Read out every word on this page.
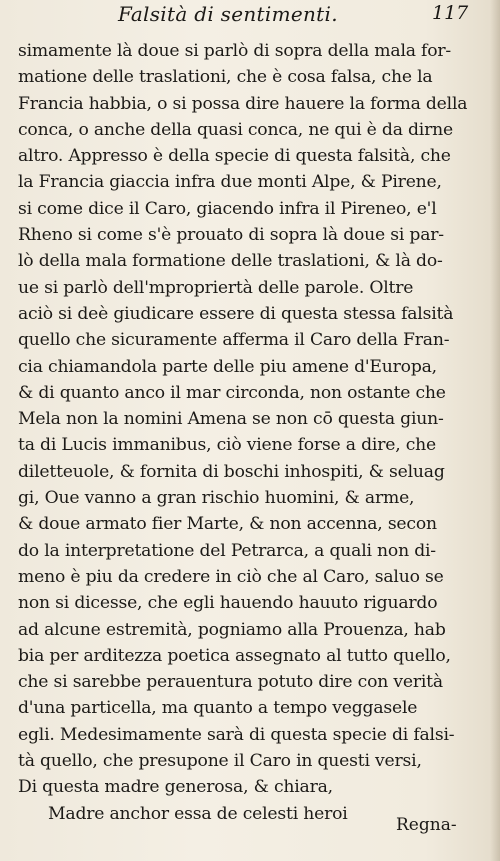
Falsità di sentimenti.	117
simamente là doue si parlò di sopra della mala for-
matione delle traslationi, che è cosa falsa, che la
Francia habbia, o si possa dire hauere la forma della
conca, o anche della quasi conca, ne qui è da dirne
altro. Appresso è della specie di questa falsità, che
la Francia giaccia infra due monti Alpe, & Pirene,
si come dice il Caro, giacendo infra il Pireneo, e'l
Rheno si come s'è prouato di sopra là doue si par-
lò della mala formatione delle traslationi, & là do-
ue si parlò dell'mpropriertà delle parole. Oltre
aciò si deè giudicare essere di questa stessa falsità
quello che sicuramente afferma il Caro della Fran-
cia chiamandola parte delle piu amene d'Europa,
& di quanto anco il mar circonda, non ostante che
Mela non la nomini Amena se non cō questa giun-
ta di Lucis immanibus, ciò viene forse a dire, che
diletteuole, & fornita di boschi inhospiti, & seluag
gi, Oue vanno a gran rischio huomini, & arme,
& doue armato fier Marte, & non accenna, secon
do la interpretatione del Petrarca, a quali non di-
meno è piu da credere in ciò che al Caro, saluo se
non si dicesse, che egli hauendo hauuto riguardo
ad alcune estremità, pogniamo alla Prouenza, hab
bia per arditezza poetica assegnato al tutto quello,
che si sarebbe perauentura potuto dire con verità
d'una particella, ma quanto a tempo veggasele
egli. Medesimamente sarà di questa specie di falsi-
tà quello, che presupone il Caro in questi versi,
Di questa madre generosa, & chiara,
Madre anchor essa de celesti heroi
Regna-
